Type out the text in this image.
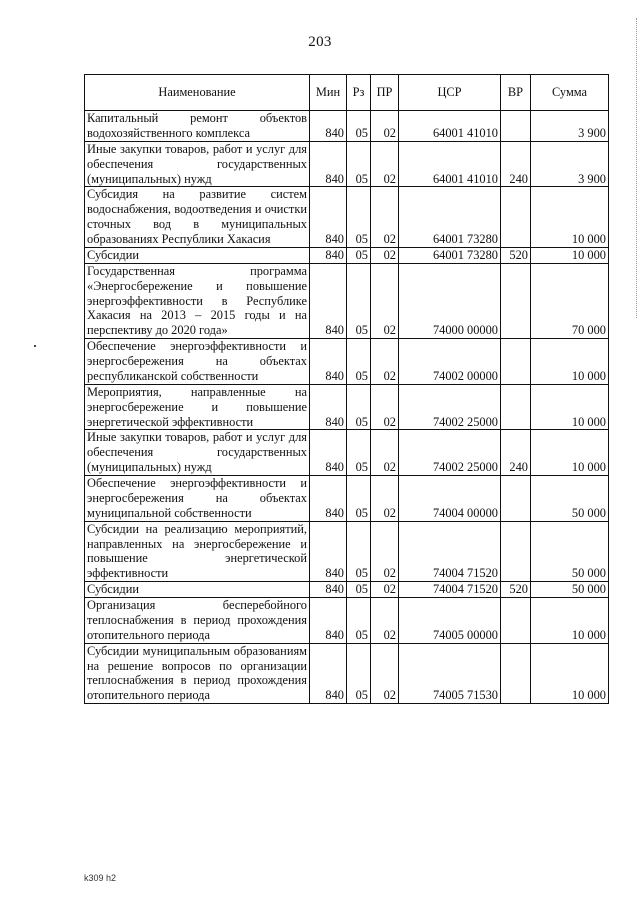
203
Наименование	Мин	Рз	ПР	ЦСР	ВР	Сумма
Капитальный ремонт объектов водохозяйственного комплекса	840	05	02	64001 41010		3 900
Иные закупки товаров, работ и услуг для обеспечения государственных (муниципальных) нужд	840	05	02	64001 41010	240	3 900
Субсидия на развитие систем водоснабжения, водоотведения и очистки сточных вод в муниципальных образованиях Республики Хакасия	840	05	02	64001 73280		10 000
Субсидии	840	05	02	64001 73280	520	10 000
Государственная программа «Энергосбережение и повышение энергоэффективности в Республике Хакасия на 2013 – 2015 годы и на перспективу до 2020 года»	840	05	02	74000 00000		70 000
Обеспечение энергоэффективности и энергосбережения на объектах республиканской собственности	840	05	02	74002 00000		10 000
Мероприятия, направленные на энергосбережение и повышение энергетической эффективности	840	05	02	74002 25000		10 000
Иные закупки товаров, работ и услуг для обеспечения государственных (муниципальных) нужд	840	05	02	74002 25000	240	10 000
Обеспечение энергоэффективности и энергосбережения на объектах муниципальной собственности	840	05	02	74004 00000		50 000
Субсидии на реализацию мероприятий, направленных на энергосбережение и повышение энергетической эффективности	840	05	02	74004 71520		50 000
Субсидии	840	05	02	74004 71520	520	50 000
Организация бесперебойного теплоснабжения в период прохождения отопительного периода	840	05	02	74005 00000		10 000
Субсидии муниципальным образованиям на решение вопросов по организации теплоснабжения в период прохождения отопительного периода	840	05	02	74005 71530		10 000
k309 h2
